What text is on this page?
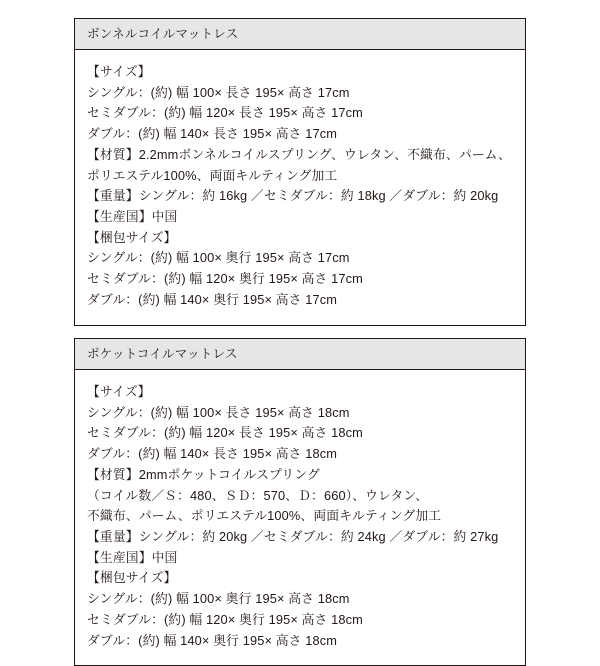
ボンネルコイルマットレス
【サイズ】
シングル：(約) 幅 100× 長さ 195× 高さ 17cm
セミダブル：(約) 幅 120× 長さ 195× 高さ 17cm
ダブル：(約) 幅 140× 長さ 195× 高さ 17cm
【材質】2.2mmボンネルコイルスプリング、ウレタン、不織布、パーム、
ポリエステル100%、両面キルティング加工
【重量】シングル：約 16kg ／セミダブル：約 18kg ／ダブル：約 20kg
【生産国】中国
【梱包サイズ】
シングル：(約) 幅 100× 奥行 195× 高さ 17cm
セミダブル：(約) 幅 120× 奥行 195× 高さ 17cm
ダブル：(約) 幅 140× 奥行 195× 高さ 17cm
ポケットコイルマットレス
【サイズ】
シングル：(約) 幅 100× 長さ 195× 高さ 18cm
セミダブル：(約) 幅 120× 長さ 195× 高さ 18cm
ダブル：(約) 幅 140× 長さ 195× 高さ 18cm
【材質】2mmポケットコイルスプリング
（コイル数／Ｓ：480、ＳＤ：570、Ｄ：660）、ウレタン、
不織布、パーム、ポリエステル100%、両面キルティング加工
【重量】シングル：約 20kg ／セミダブル：約 24kg ／ダブル：約 27kg
【生産国】中国
【梱包サイズ】
シングル：(約) 幅 100× 奥行 195× 高さ 18cm
セミダブル：(約) 幅 120× 奥行 195× 高さ 18cm
ダブル：(約) 幅 140× 奥行 195× 高さ 18cm
